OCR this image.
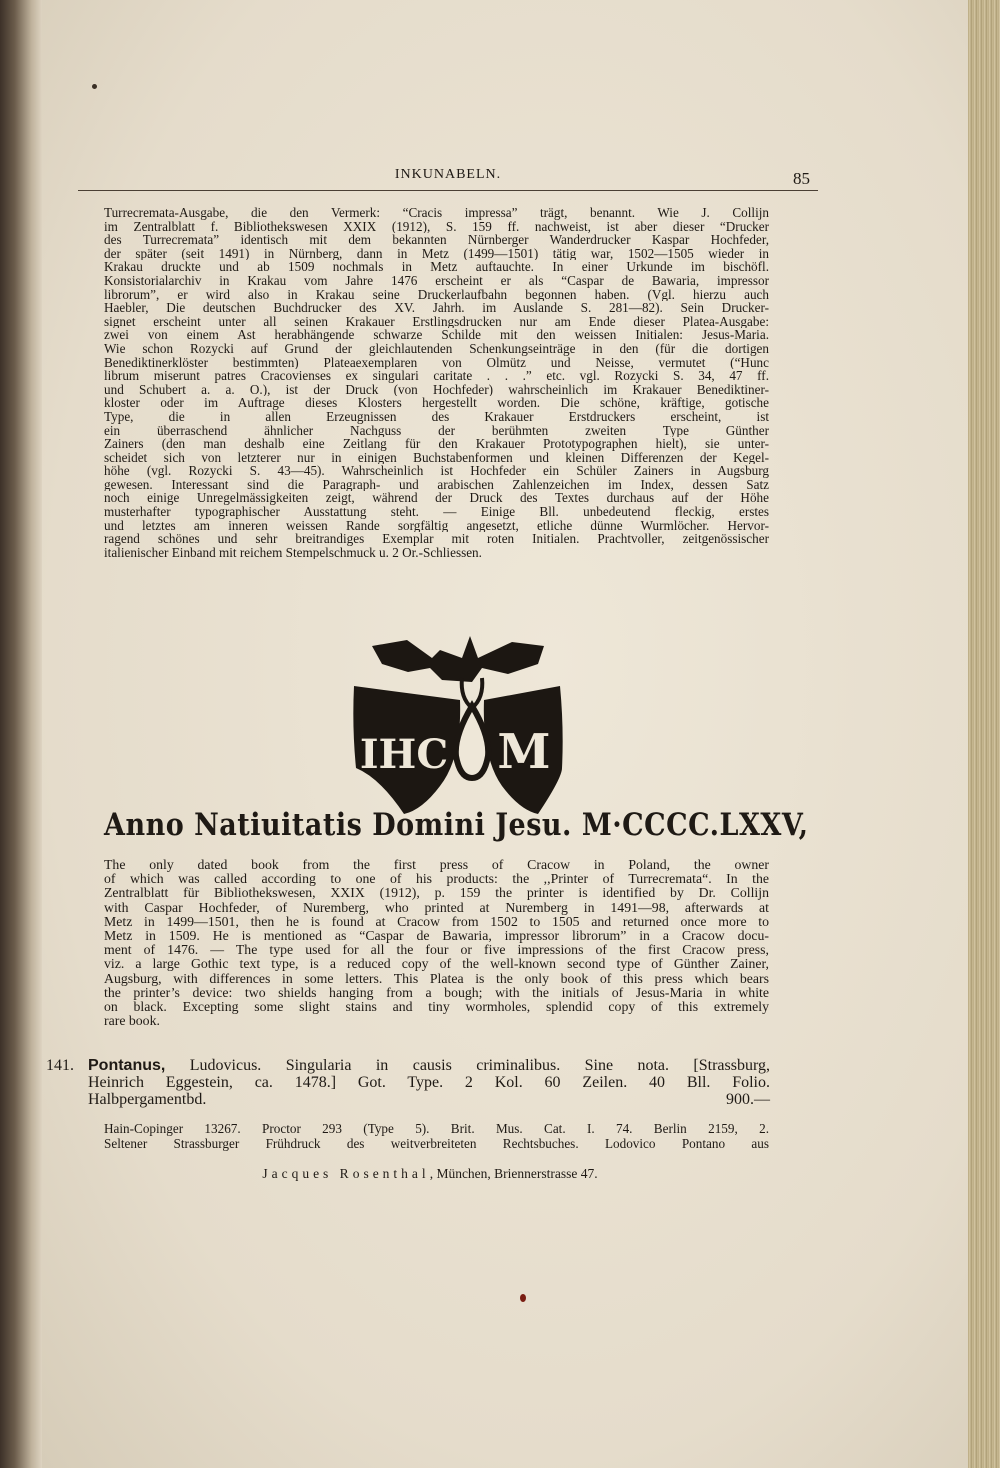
INKUNABELN.	85
Turrecremata-Ausgabe, die den Vermerk: “Cracis impressa” trägt, benannt. Wie J. Collijn
im Zentralblatt f. Bibliothekswesen XXIX (1912), S. 159 ff. nachweist, ist aber dieser “Drucker
des Turrecremata” identisch mit dem bekannten Nürnberger Wanderdrucker Kaspar Hochfeder,
der später (seit 1491) in Nürnberg, dann in Metz (1499—1501) tätig war, 1502—1505 wieder in
Krakau druckte und ab 1509 nochmals in Metz auftauchte. In einer Urkunde im bischöfl.
Konsistorialarchiv in Krakau vom Jahre 1476 erscheint er als “Caspar de Bawaria, impressor
librorum”, er wird also in Krakau seine Druckerlaufbahn begonnen haben. (Vgl. hierzu auch
Haebler, Die deutschen Buchdrucker des XV. Jahrh. im Auslande S. 281—82). Sein Drucker-
signet erscheint unter all seinen Krakauer Erstlingsdrucken nur am Ende dieser Platea-Ausgabe:
zwei von einem Ast herabhängende schwarze Schilde mit den weissen Initialen: Jesus-Maria.
Wie schon Rozycki auf Grund der gleichlautenden Schenkungseinträge in den (für die dortigen
Benediktinerklöster bestimmten) Plateaexemplaren von Olmütz und Neisse, vermutet (“Hunc
librum miserunt patres Cracovienses ex singulari caritate . . .” etc. vgl. Rozycki S. 34, 47 ff.
und Schubert a. a. O.), ist der Druck (von Hochfeder) wahrscheinlich im Krakauer Benediktiner-
kloster oder im Auftrage dieses Klosters hergestellt worden. Die schöne, kräftige, gotische
Type, die in allen Erzeugnissen des Krakauer Erstdruckers erscheint, ist
ein überraschend ähnlicher Nachguss der berühmten zweiten Type Günther
Zainers (den man deshalb eine Zeitlang für den Krakauer Prototypographen hielt), sie unter-
scheidet sich von letzterer nur in einigen Buchstabenformen und kleinen Differenzen der Kegel-
höhe (vgl. Rozycki S. 43—45). Wahrscheinlich ist Hochfeder ein Schüler Zainers in Augsburg
gewesen. Interessant sind die Paragraph- und arabischen Zahlenzeichen im Index, dessen Satz
noch einige Unregelmässigkeiten zeigt, während der Druck des Textes durchaus auf der Höhe
musterhafter typographischer Ausstattung steht. — Einige Bll. unbedeutend fleckig, erstes
und letztes am inneren weissen Rande sorgfältig angesetzt, etliche dünne Wurmlöcher. Hervor-
ragend schönes und sehr breitrandiges Exemplar mit roten Initialen. Prachtvoller, zeitgenössischer
italienischer Einband mit reichem Stempelschmuck u. 2 Or.-Schliessen.
IHC M
Anno Natiuitatis Domini Jesu. M·CCCC.LXXV,
The only dated book from the first press of Cracow in Poland, the owner
of which was called according to one of his products: the ,,Printer of Turrecremata“. In the
Zentralblatt für Bibliothekswesen, XXIX (1912), p. 159 the printer is identified by Dr. Collijn
with Caspar Hochfeder, of Nuremberg, who printed at Nuremberg in 1491—98, afterwards at
Metz in 1499—1501, then he is found at Cracow from 1502 to 1505 and returned once more to
Metz in 1509. He is mentioned as “Caspar de Bawaria, impressor librorum” in a Cracow docu-
ment of 1476. — The type used for all the four or five impressions of the first Cracow press,
viz. a large Gothic text type, is a reduced copy of the well-known second type of Günther Zainer,
Augsburg, with differences in some letters. This Platea is the only book of this press which bears
the printer’s device: two shields hanging from a bough; with the initials of Jesus-Maria in white
on black. Excepting some slight stains and tiny wormholes, splendid copy of this extremely
rare book.
141. Pontanus, Ludovicus. Singularia in causis criminalibus. Sine nota. [Strassburg,
Heinrich Eggestein, ca. 1478.] Got. Type. 2 Kol. 60 Zeilen. 40 Bll. Folio.
Halbpergamentbd.	900.—
Hain-Copinger 13267. Proctor 293 (Type 5). Brit. Mus. Cat. I. 74. Berlin 2159, 2.
Seltener Strassburger Frühdruck des weitverbreiteten Rechtsbuches. Lodovico Pontano aus
Jacques Rosenthal, München, Briennerstrasse 47.
